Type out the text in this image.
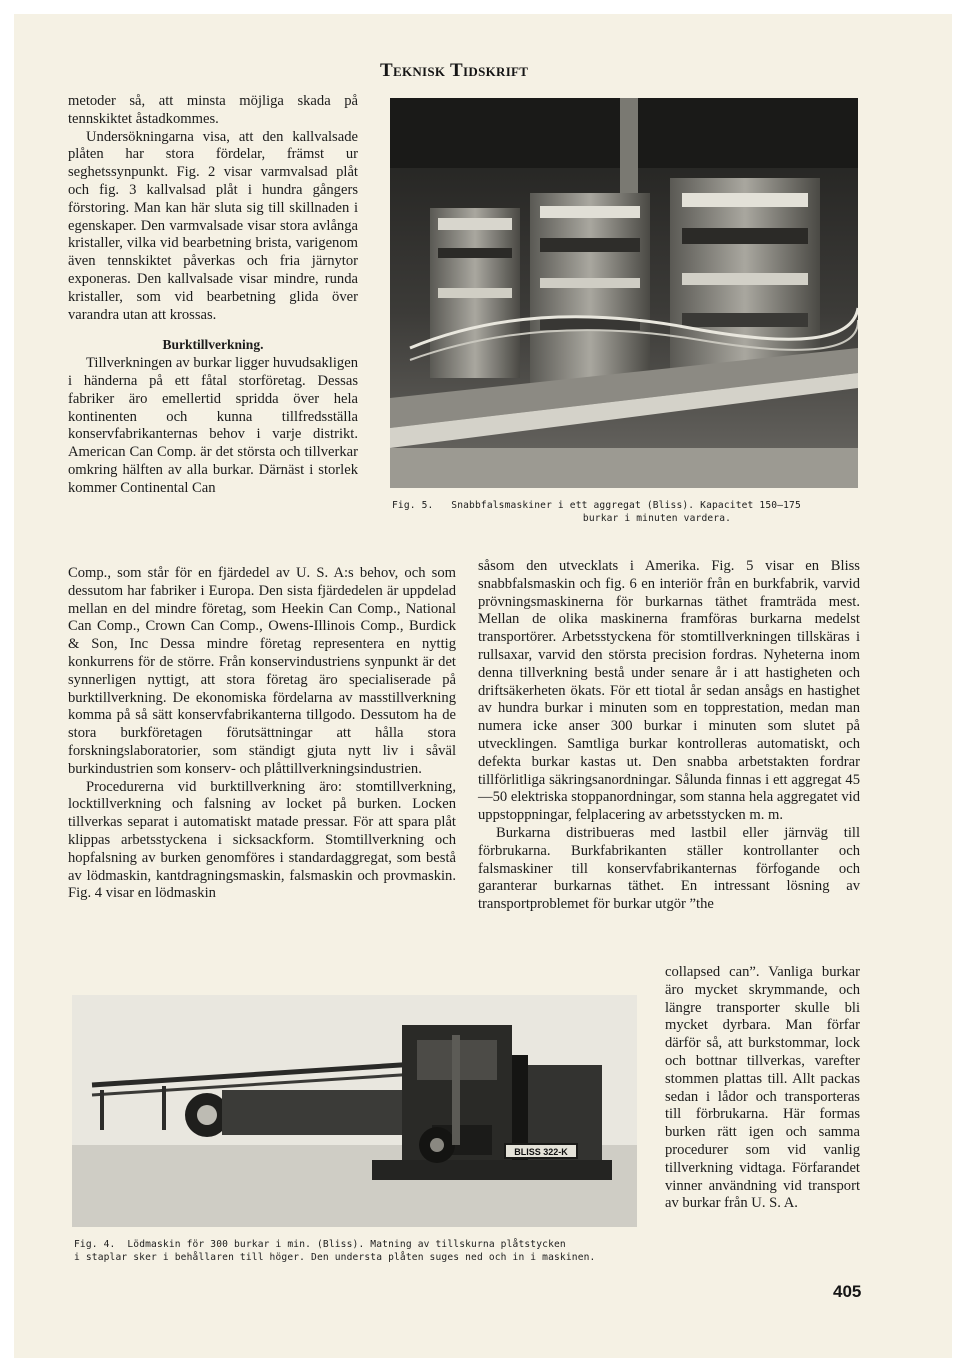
Teknisk Tidskrift

metoder så, att minsta möjliga skada på tennskiktet åstadkommes.

Undersökningarna visa, att den kallvalsade plåten har stora fördelar, främst ur seghetssynpunkt. Fig. 2 visar varmvalsad plåt och fig. 3 kallvalsad plåt i hundra gångers förstoring. Man kan här sluta sig till skillnaden i egenskaper. Den varmvalsade visar stora avlånga kristaller, vilka vid bearbetning brista, varigenom även tennskiktet påverkas och fria järnytor exponeras. Den kallvalsade visar mindre, runda kristaller, som vid bearbetning glida över varandra utan att krossas.

Burktillverkning.

Tillverkningen av burkar ligger huvudsakligen i händerna på ett fåtal storföretag. Dessas fabriker äro emellertid spridda över hela kontinenten och kunna tillfredsställa konservfabrikanternas behov i varje distrikt. American Can Comp. är det största och tillverkar omkring hälften av alla burkar. Därnäst i storlek kommer Continental Can

Comp., som står för en fjärdedel av U. S. A:s behov, och som dessutom har fabriker i Europa. Den sista fjärdedelen är uppdelad mellan en del mindre företag, som Heekin Can Comp., National Can Comp., Crown Can Comp., Owens-Illinois Comp., Burdick & Son, Inc Dessa mindre företag representera en nyttig konkurrens för de större. Från konservindustriens synpunkt är det synnerligen nyttigt, att stora företag äro specialiserade på burktillverkning. De ekonomiska fördelarna av masstillverkning komma på så sätt konservfabrikanterna tillgodo. Dessutom ha de stora burkföretagen förutsättningar att hålla stora forskningslaboratorier, som ständigt gjuta nytt liv i såväl burkindustrien som konserv- och plåttillverkningsindustrien.

Procedurerna vid burktillverkning äro: stomtillverkning, locktillverkning och falsning av locket på burken. Locken tillverkas separat i automatiskt matade pressar. För att spara plåt klippas arbetsstyckena i sicksackform. Stomtillverkning och hopfalsning av burken genomföres i standardaggregat, som bestå av lödmaskin, kantdragningsmaskin, falsmaskin och provmaskin. Fig. 4 visar en lödmaskin

såsom den utvecklats i Amerika. Fig. 5 visar en Bliss snabbfalsmaskin och fig. 6 en interiör från en burkfabrik, varvid prövningsmaskinerna för burkarnas täthet framträda mest. Mellan de olika maskinerna framföras burkarna medelst transportörer. Arbetsstyckena för stomtillverkningen tillskäras i rullsaxar, varvid den största precision fordras. Nyheterna inom denna tillverkning bestå under senare år i att hastigheten och driftsäkerheten ökats. För ett tiotal år sedan ansågs en hastighet av hundra burkar i minuten som en topprestation, medan man numera icke anser 300 burkar i minuten som slutet på utvecklingen. Samtliga burkar kontrolleras automatiskt, och defekta burkar kastas ut. Den snabba arbetstakten fordrar tillförlitliga säkringsanordningar. Sålunda finnas i ett aggregat 45—50 elektriska stoppanordningar, som stanna hela aggregatet vid uppstoppningar, felplacering av arbetsstycken m. m.

Burkarna distribueras med lastbil eller järnväg till förbrukarna. Burkfabrikanten ställer kontrollanter och falsmaskiner till konservfabrikanternas förfogande och garanterar burkarnas täthet. En intressant lösning av transportproblemet för burkar utgör ”the

collapsed can”. Vanliga burkar äro mycket skrymmande, och längre transporter skulle bli mycket dyrbara. Man förfar därför så, att burkstommar, lock och bottnar tillverkas, varefter stommen plattas till. Allt packas sedan i lådor och transporteras till förbrukarna. Här formas burken rätt igen och samma procedurer som vid vanlig tillverkning vidtaga. Förfarandet vinner användning vid transport av burkar från U. S. A.

Fig. 5. Snabbfalsmaskiner i ett aggregat (Bliss). Kapacitet 150—175
burkar i minuten vardera.
BLISS 322-K
Fig. 4. Lödmaskin för 300 burkar i min. (Bliss). Matning av tillskurna plåtstycken
i staplar sker i behållaren till höger. Den understa plåten suges ned och in i maskinen.
405
